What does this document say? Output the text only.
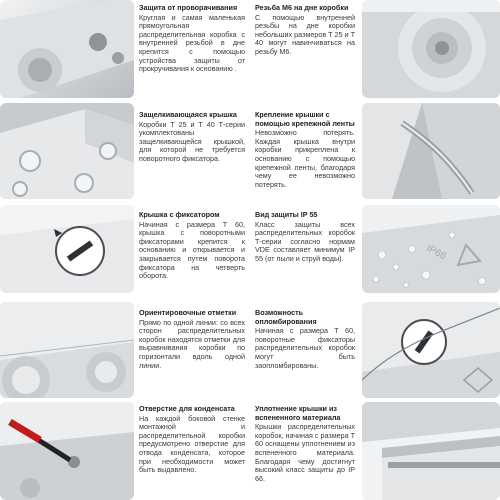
Защита от проворачивания
Круглая и самая маленькая прямоугольная распределительная коробка с внутренней резьбой в дне крепится с помощью устройства защиты от прокручивания к основанию .
Резьба М6 на дне коробки
С помощью внутренней резьбы на дне коробки небольших размеров Т 25 и Т 40 могут навинчиваться на резьбу М6.
Защелкивающаяся крышка
Коробки Т 25 и Т 40 Т-серии укомплектованы защелкивающейся крышкой, для которой не требуется поворотного фиксатора.
Крепление крышки с помощью крепежной ленты
Невозможно потерять. Каждая крышка внутри коробки прикреплена к основанию с помощью крепежной ленты, благодаря чему ее невозможно потерять.
Крышка с фиксатором
Начиная с размера Т 60, крышка с поворотными фиксаторами крепится к основанию и открывается и закрывается путем поворота фиксатора на четверть оборота.
Вид защиты IP 55
Класс защиты всех распределительных коробок Т-серии согласно нормам VDE составляет минимум IP 55 (от пыли и струй воды).	IP66
Ориентировочные отметки
Прямо по одной линии: со всех сторон распределительных коробок находятся отметки для выравнивания коробки по горизонтали вдоль одной линии.
Возможность опломбирования
Начиная с размера Т 60, поворотные фиксаторы распределительных коробок могут быть заопломбированы.
Отверстие для конденсата
На каждой боковой стенке монтажной и распределительной коробки предусмотрено отверстие для отвода конденсата, которое при необходимости может быть выдавлено.
Уплотнение крышки из вспененного материала
Крышки распределительных коробок, начиная с размера Т 60 оснащены уплотнением из вспененного материала. Благодаря чему достигнут высокий класс защиты до IP 66.
